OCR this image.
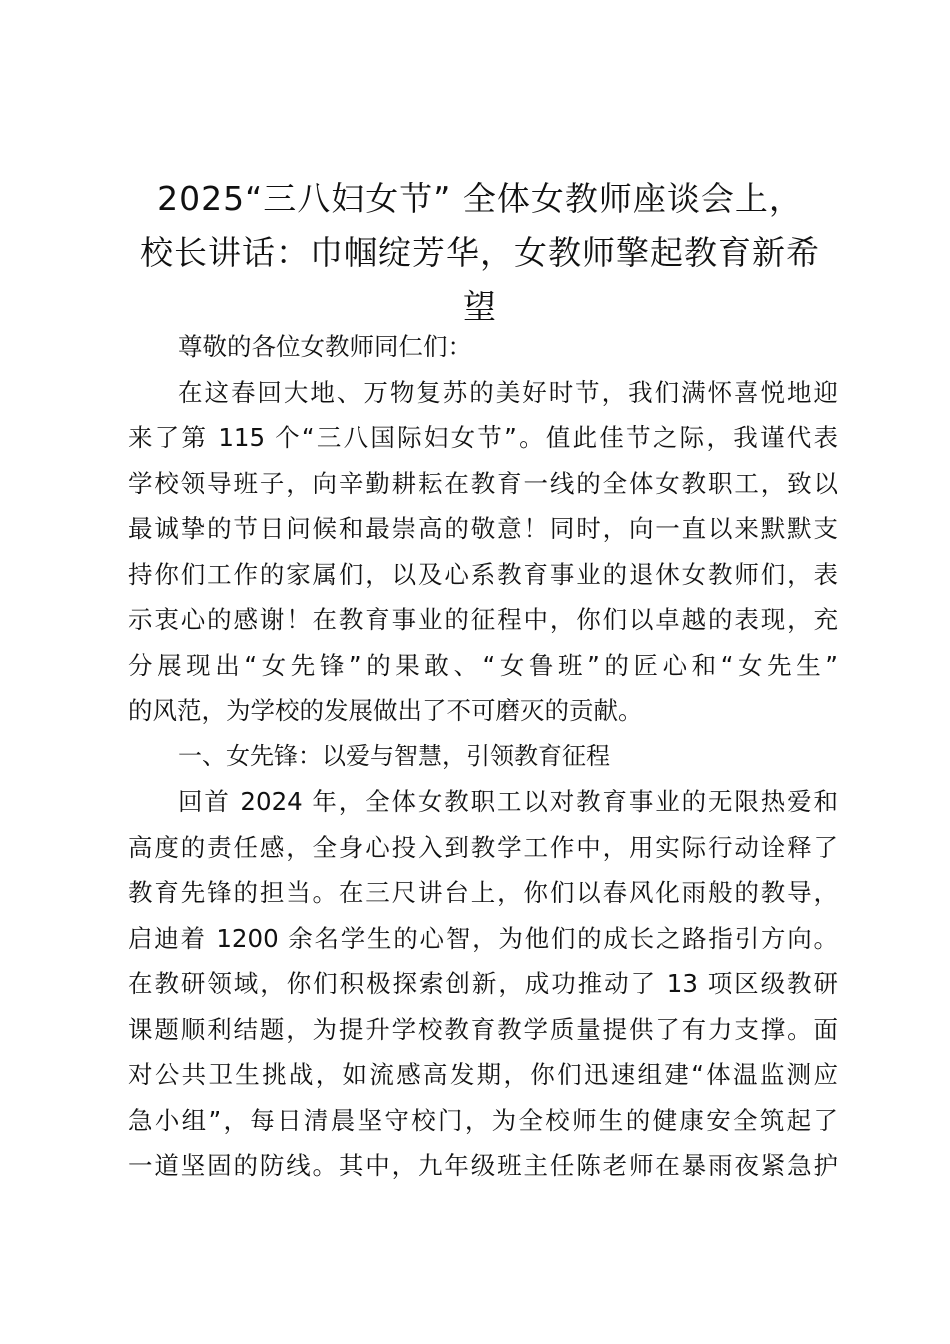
2025“三八妇女节” 全体女教师座谈会上，
校长讲话：巾帼绽芳华，女教师擎起教育新希
望
尊敬的各位女教师同仁们：
在这春回大地、万物复苏的美好时节，我们满怀喜悦地迎
来了第 115 个“三八国际妇女节”。值此佳节之际，我谨代表
学校领导班子，向辛勤耕耘在教育一线的全体女教职工，致以
最诚挚的节日问候和最崇高的敬意！同时，向一直以来默默支
持你们工作的家属们，以及心系教育事业的退休女教师们，表
示衷心的感谢！在教育事业的征程中，你们以卓越的表现，充
分展现出“女先锋”的果敢、“女鲁班”的匠心和“女先生”
的风范，为学校的发展做出了不可磨灭的贡献。
一、女先锋：以爱与智慧，引领教育征程
回首 2024 年，全体女教职工以对教育事业的无限热爱和
高度的责任感，全身心投入到教学工作中，用实际行动诠释了
教育先锋的担当。在三尺讲台上，你们以春风化雨般的教导，
启迪着 1200 余名学生的心智，为他们的成长之路指引方向。
在教研领域，你们积极探索创新，成功推动了 13 项区级教研
课题顺利结题，为提升学校教育教学质量提供了有力支撑。面
对公共卫生挑战，如流感高发期，你们迅速组建“体温监测应
急小组”，每日清晨坚守校门，为全校师生的健康安全筑起了
一道坚固的防线。其中，九年级班主任陈老师在暴雨夜紧急护
